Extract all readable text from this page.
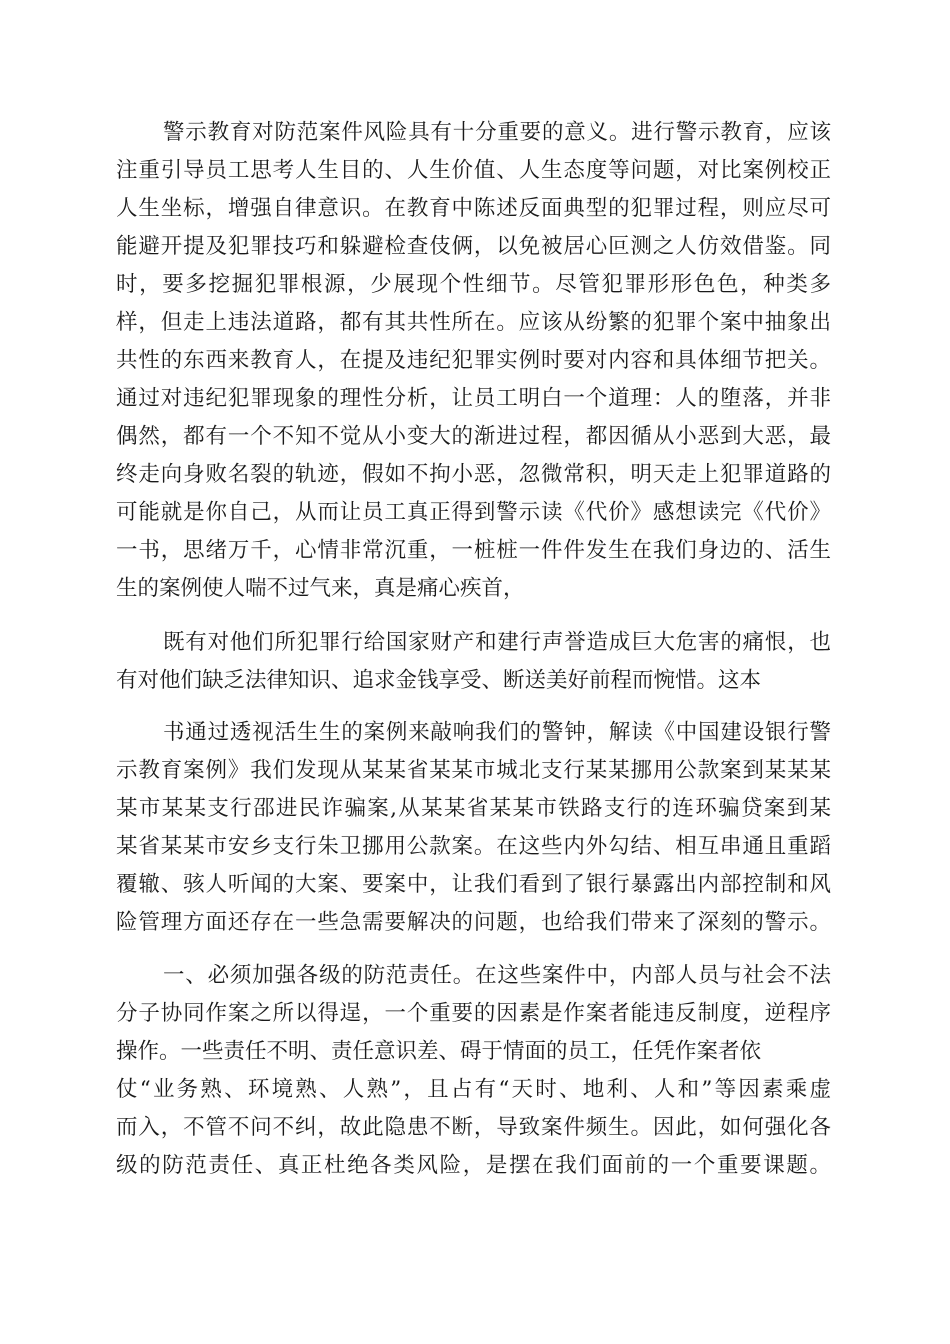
警示教育对防范案件风险具有十分重要的意义。进行警示教育，应该
注重引导员工思考人生目的、人生价值、人生态度等问题，对比案例校正
人生坐标，增强自律意识。在教育中陈述反面典型的犯罪过程，则应尽可
能避开提及犯罪技巧和躲避检查伎俩，以免被居心叵测之人仿效借鉴。同
时，要多挖掘犯罪根源，少展现个性细节。尽管犯罪形形色色，种类多
样，但走上违法道路，都有其共性所在。应该从纷繁的犯罪个案中抽象出
共性的东西来教育人，在提及违纪犯罪实例时要对内容和具体细节把关。
通过对违纪犯罪现象的理性分析，让员工明白一个道理：人的堕落，并非
偶然，都有一个不知不觉从小变大的渐进过程，都因循从小恶到大恶，最
终走向身败名裂的轨迹，假如不拘小恶，忽微常积，明天走上犯罪道路的
可能就是你自己，从而让员工真正得到警示读《代价》感想读完《代价》
一书，思绪万千，心情非常沉重，一桩桩一件件发生在我们身边的、活生
生的案例使人喘不过气来，真是痛心疾首，
既有对他们所犯罪行给国家财产和建行声誉造成巨大危害的痛恨，也
有对他们缺乏法律知识、追求金钱享受、断送美好前程而惋惜。这本
书通过透视活生生的案例来敲响我们的警钟，解读《中国建设银行警
示教育案例》我们发现从某某省某某市城北支行某某挪用公款案到某某某
某市某某支行邵进民诈骗案,从某某省某某市铁路支行的连环骗贷案到某
某省某某市安乡支行朱卫挪用公款案。在这些内外勾结、相互串通且重蹈
覆辙、骇人听闻的大案、要案中，让我们看到了银行暴露出内部控制和风
险管理方面还存在一些急需要解决的问题，也给我们带来了深刻的警示。
一、必须加强各级的防范责任。在这些案件中，内部人员与社会不法
分子协同作案之所以得逞，一个重要的因素是作案者能违反制度，逆程序
操作。一些责任不明、责任意识差、碍于情面的员工，任凭作案者依
仗“业务熟、环境熟、人熟”，且占有“天时、地利、人和”等因素乘虚
而入，不管不问不纠，故此隐患不断，导致案件频生。因此，如何强化各
级的防范责任、真正杜绝各类风险，是摆在我们面前的一个重要课题。
